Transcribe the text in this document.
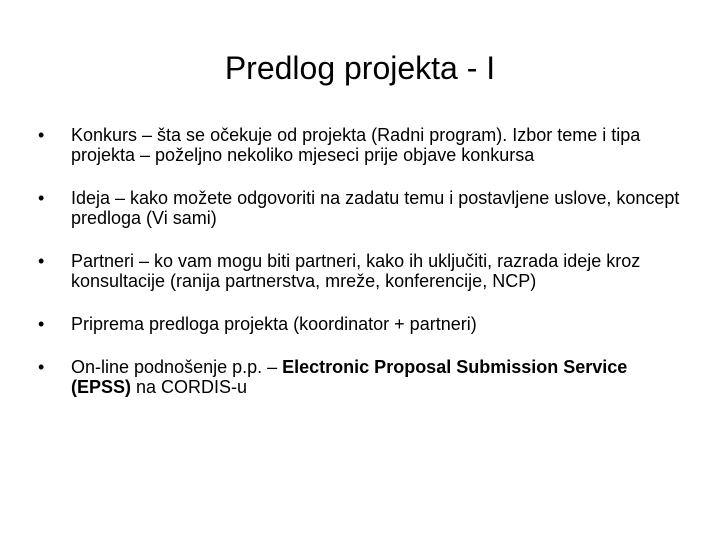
Predlog projekta - I
•	Konkurs – šta se očekuje od projekta (Radni program). Izbor teme i tipa projekta – poželjno nekoliko mjeseci prije objave konkursa
•	Ideja – kako možete odgovoriti na zadatu temu i postavljene uslove, koncept predloga (Vi sami)
•	Partneri – ko vam mogu biti partneri, kako ih uključiti, razrada ideje kroz konsultacije (ranija partnerstva, mreže, konferencije, NCP)
•	Priprema predloga projekta (koordinator + partneri)
•	On-line podnošenje p.p. – Electronic Proposal Submission Service (EPSS) na CORDIS-u
